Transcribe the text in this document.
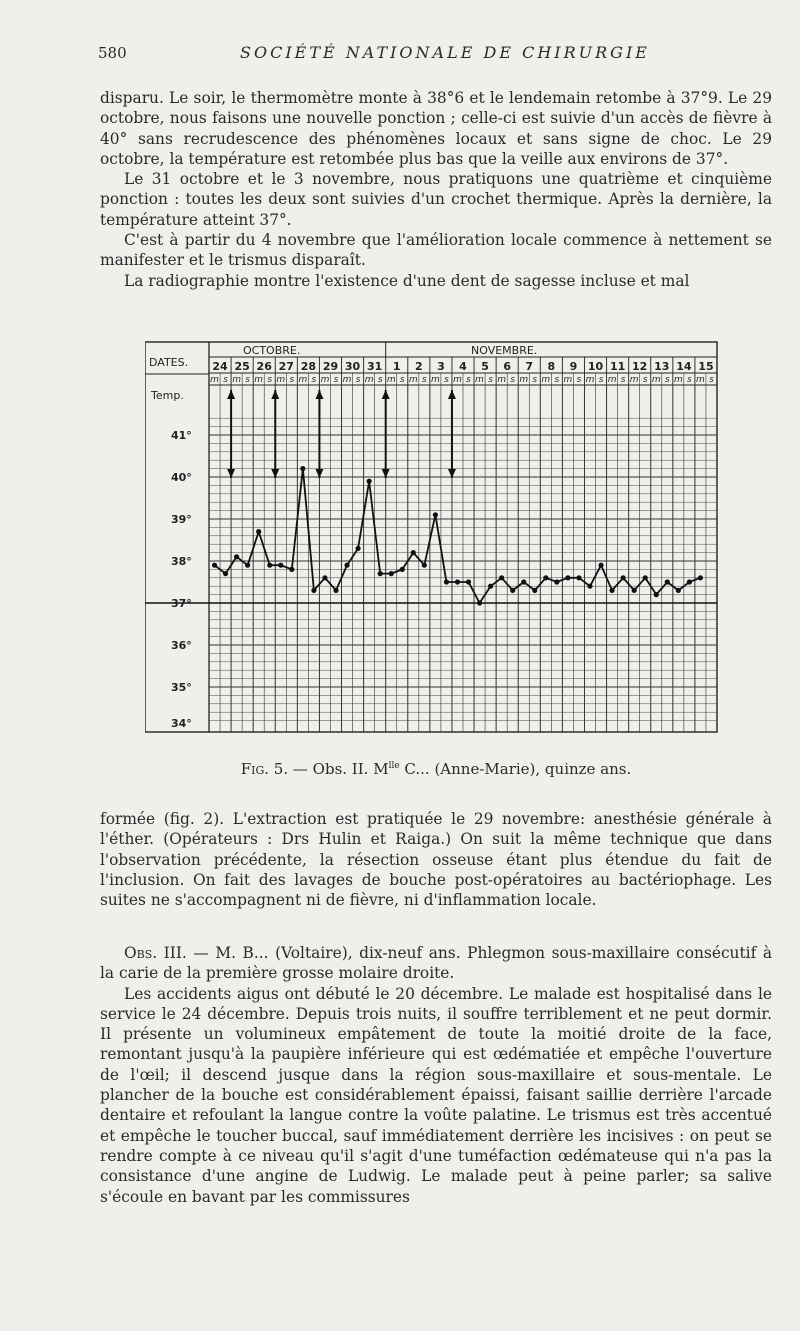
580	SOCIÉTÉ NATIONALE DE CHIRURGIE
disparu. Le soir, le thermomètre monte à 38°6 et le lendemain retombe à 37°9. Le 29 octobre, nous faisons une nouvelle ponction ; celle-ci est suivie d'un accès de fièvre à 40° sans recrudescence des phénomènes locaux et sans signe de choc. Le 29 octobre, la température est retombée plus bas que la veille aux environs de 37°.
Le 31 octobre et le 3 novembre, nous pratiquons une quatrième et cinquième ponction : toutes les deux sont suivies d'un crochet thermique. Après la dernière, la température atteint 37°.
C'est à partir du 4 novembre que l'amélioration locale commence à nettement se manifester et le trismus disparaît.
La radiographie montre l'existence d'une dent de sagesse incluse et mal
DATES.
Temp.
OCTOBRE.	NOVEMBRE.
24 25 26 27 28 29 30 31 1 2 3 4 5 6 7 8 9 10 11 12 13 14 15
m s m s m s m s m s m s m s m s m s m s m s m s m s m s m s m s m s m s m s m s m s m s m s
41°
40°
39°
38°
37°
36°
35°
34°
Fig. 5. — Obs. II. $M^{lle}$ C... (Anne-Marie), quinze ans.
formée (fig. 2). L'extraction est pratiquée le 29 novembre: anesthésie générale à l'éther. (Opérateurs : Drs Hulin et Raiga.) On suit la même technique que dans l'observation précédente, la résection osseuse étant plus étendue du fait de l'inclusion. On fait des lavages de bouche post-opératoires au bactériophage. Les suites ne s'accompagnent ni de fièvre, ni d'inflammation locale.
Obs. III. — M. B... (Voltaire), dix-neuf ans. Phlegmon sous-maxillaire consécutif à la carie de la première grosse molaire droite.
Les accidents aigus ont débuté le 20 décembre. Le malade est hospitalisé dans le service le 24 décembre. Depuis trois nuits, il souffre terriblement et ne peut dormir. Il présente un volumineux empâtement de toute la moitié droite de la face, remontant jusqu'à la paupière inférieure qui est œdématiée et empêche l'ouverture de l'œil; il descend jusque dans la région sous-maxillaire et sous-mentale. Le plancher de la bouche est considérablement épaissi, faisant saillie derrière l'arcade dentaire et refoulant la langue contre la voûte palatine. Le trismus est très accentué et empêche le toucher buccal, sauf immédiatement derrière les incisives : on peut se rendre compte à ce niveau qu'il s'agit d'une tuméfaction œdémateuse qui n'a pas la consistance d'une angine de Ludwig. Le malade peut à peine parler; sa salive s'écoule en bavant par les commissures
